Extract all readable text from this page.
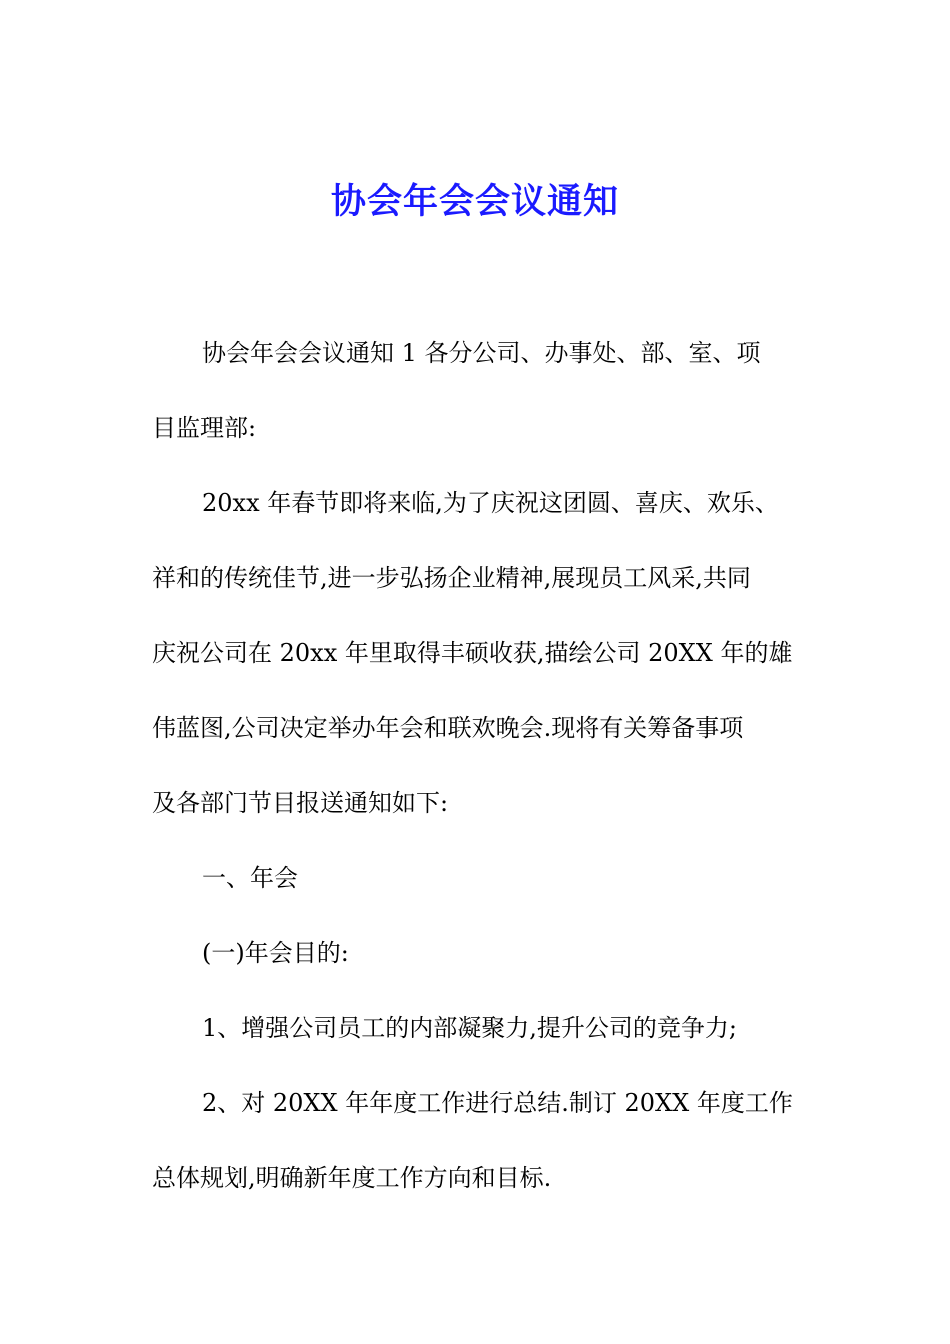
协会年会会议通知
协会年会会议通知 1 各分公司、办事处、部、室、项
目监理部:
20xx 年春节即将来临,为了庆祝这团圆、喜庆、欢乐、
祥和的传统佳节,进一步弘扬企业精神,展现员工风采,共同
庆祝公司在 20xx 年里取得丰硕收获,描绘公司 20XX 年的雄
伟蓝图,公司决定举办年会和联欢晚会.现将有关筹备事项
及各部门节目报送通知如下:
一、年会
(一)年会目的:
1、增强公司员工的内部凝聚力,提升公司的竞争力;
2、对 20XX 年年度工作进行总结.制订 20XX 年度工作
总体规划,明确新年度工作方向和目标.
